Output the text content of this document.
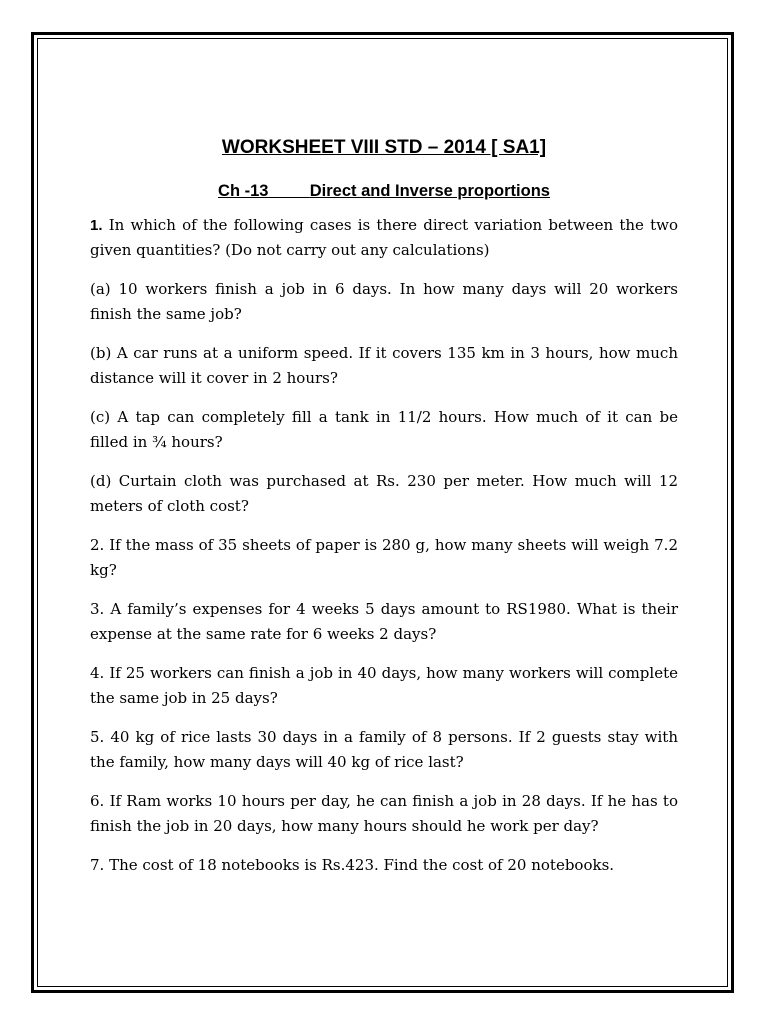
WORKSHEET VIII STD – 2014 [ SA1]
Ch -13	Direct and Inverse proportions

1. In which of the following cases is there direct variation between the two given quantities? (Do not carry out any calculations)

(a) 10 workers finish a job in 6 days. In how many days will 20 workers finish the same job?

(b) A car runs at a uniform speed. If it covers 135 km in 3 hours, how much distance will it cover in 2 hours?

(c) A tap can completely fill a tank in 11/2 hours. How much of it can be filled in ¾ hours?

(d) Curtain cloth was purchased at Rs. 230 per meter. How much will 12 meters of cloth cost?

2. If the mass of 35 sheets of paper is 280 g, how many sheets will weigh 7.2 kg?

3. A family’s expenses for 4 weeks 5 days amount to RS1980. What is their expense at the same rate for 6 weeks 2 days?

4. If 25 workers can finish a job in 40 days, how many workers will complete the same job in 25 days?

5. 40 kg of rice lasts 30 days in a family of 8 persons. If 2 guests stay with the family, how many days will 40 kg of rice last?

6. If Ram works 10 hours per day, he can finish a job in 28 days. If he has to finish the job in 20 days, how many hours should he work per day?

7. The cost of 18 notebooks is Rs.423. Find the cost of 20 notebooks.
